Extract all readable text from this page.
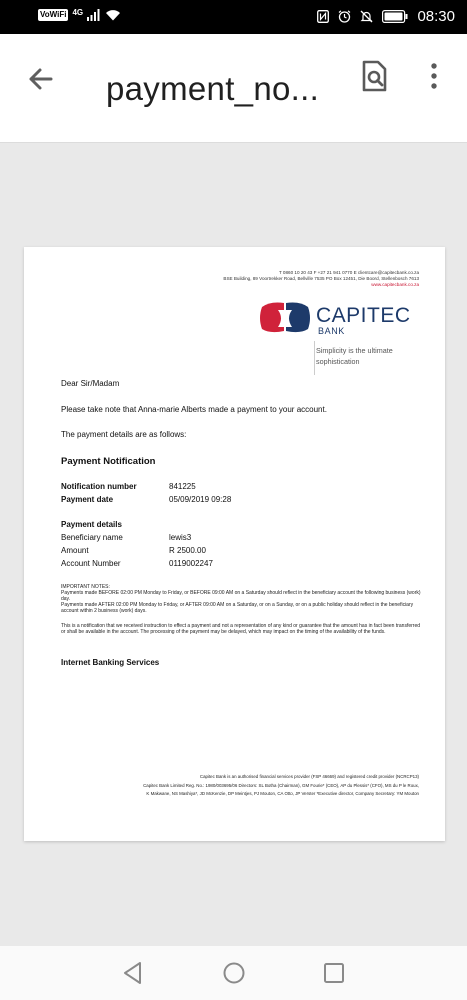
VoWiFi 4G	08:30
payment_no...
T 0860 10 20 43 F +27 21 941 0770 E clientcare@capitecbank.co.za
BSE Building, 89 Voortrekker Road, Bellville 7535 PO Box 12451, Die Boord, Stellenbosch 7613
www.capitecbank.co.za
CAPITEC
BANK
Simplicity is the ultimate
sophistication
Dear Sir/Madam
Please take note that Anna-marie Alberts made a payment to your account.
The payment details are as follows:
Payment Notification
Notification number	841225
Payment date	05/09/2019 09:28
Payment details
Beneficiary name	lewis3
Amount	R 2500.00
Account Number	0119002247
IMPORTANT NOTES:
Payments made BEFORE 02:00 PM Monday to Friday, or BEFORE 09:00 AM on a Saturday should reflect in the beneficiary account the following business (work) day.
Payments made AFTER 02:00 PM Monday to Friday, or AFTER 09:00 AM on a Saturday, or on a Sunday, or on a public holiday should reflect in the beneficiary account within 2 business (work) days.
This is a notification that we received instruction to effect a payment and not a representation of any kind or guarantee that the amount has in fact been transferred or shall be available in the account. The processing of the payment may be delayed, which may impact on the timing of the availability of the funds.
Internet Banking Services
Capitec Bank is an authorised financial services provider (FSP 46669) and registered credit provider (NCRCP13)
Capitec Bank Limited Reg. No.: 1980/003695/06 Directors: SL Botha (Chairman), GM Fourie* (CEO), AP du Plessis* (CFO), MS du P le Roux,
K Makwane, NS Mashiya*, JD McKenzie, DP Meintjes, PJ Mouton, CA Otto, JP Verster *Executive director, Company Secretary: YM Mouton
